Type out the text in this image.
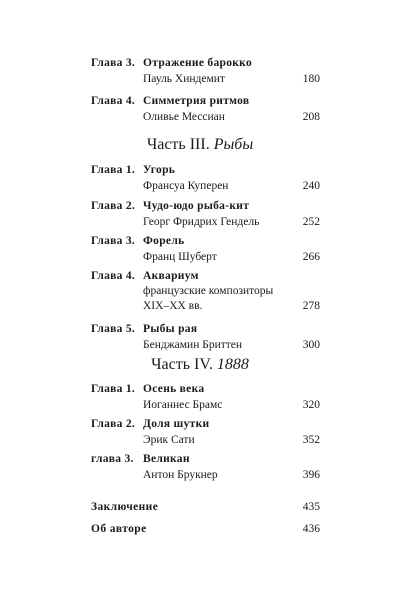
Глава 3. Отражение барокко
Пауль Хиндемит	180
Глава 4. Симметрия ритмов
Оливье Мессиан	208
Часть III. Рыбы
Глава 1. Угорь
Франсуа Куперен	240
Глава 2. Чудо-юдо рыба-кит
Георг Фридрих Гендель	252
Глава 3. Форель
Франц Шуберт	266
Глава 4. Аквариум
французские композиторы
XIX–XX вв.	278
Глава 5. Рыбы рая
Бенджамин Бриттен	300
Часть IV. 1888
Глава 1. Осень века
Иоганнес Брамс	320
Глава 2. Доля шутки
Эрик Сати	352
глава 3. Великан
Антон Брукнер	396
Заключение	435
Об авторе	436
